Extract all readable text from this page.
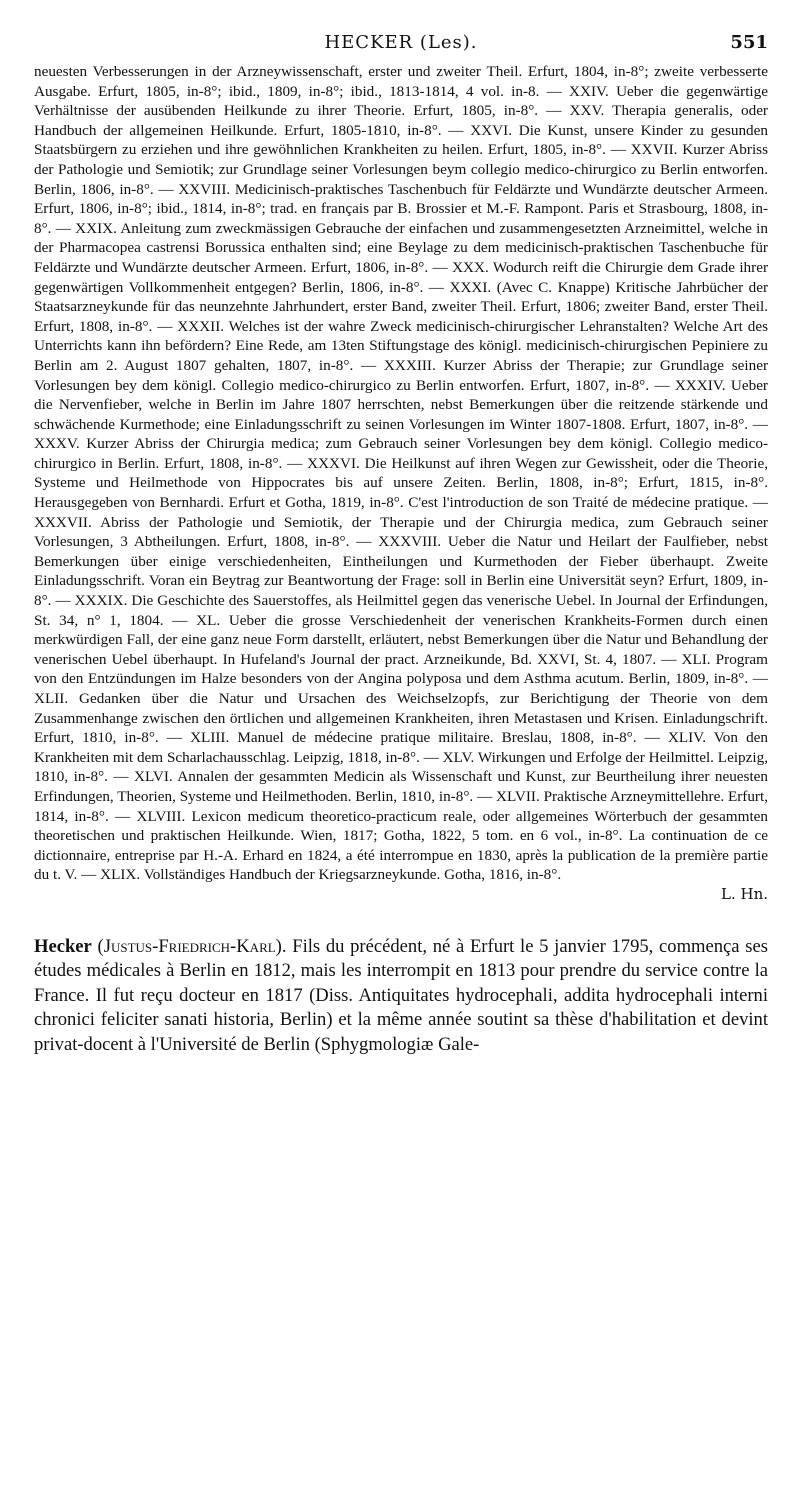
HECKER (Les).	551
neuesten Verbesserungen in der Arzneywissenschaft, erster und zweiter Theil. Erfurt, 1804, in-8°; zweite verbesserte Ausgabe. Erfurt, 1805, in-8°; ibid., 1809, in-8°; ibid., 1813-1814, 4 vol. in-8. — XXIV. Ueber die gegenwärtige Verhältnisse der ausübenden Heilkunde zu ihrer Theorie. Erfurt, 1805, in-8°. — XXV. Therapia generalis, oder Handbuch der allgemeinen Heilkunde. Erfurt, 1805-1810, in-8°. — XXVI. Die Kunst, unsere Kinder zu gesunden Staatsbürgern zu erziehen und ihre gewöhnlichen Krankheiten zu heilen. Erfurt, 1805, in-8°. — XXVII. Kurzer Abriss der Pathologie und Semiotik; zur Grundlage seiner Vorlesungen beym collegio medico-chirurgico zu Berlin entworfen. Berlin, 1806, in-8°. — XXVIII. Medicinisch-praktisches Taschenbuch für Feldärzte und Wundärzte deutscher Armeen. Erfurt, 1806, in-8°; ibid., 1814, in-8°; trad. en français par B. Brossier et M.-F. Rampont. Paris et Strasbourg, 1808, in-8°. — XXIX. Anleitung zum zweckmässigen Gebrauche der einfachen und zusammengesetzten Arzneimittel, welche in der Pharmacopea castrensi Borussica enthalten sind; eine Beylage zu dem medicinisch-praktischen Taschenbuche für Feldärzte und Wundärzte deutscher Armeen. Erfurt, 1806, in-8°. — XXX. Wodurch reift die Chirurgie dem Grade ihrer gegenwärtigen Vollkommenheit entgegen? Berlin, 1806, in-8°. — XXXI. (Avec C. Knappe) Kritische Jahrbücher der Staatsarzneykunde für das neunzehnte Jahrhundert, erster Band, zweiter Theil. Erfurt, 1806; zweiter Band, erster Theil. Erfurt, 1808, in-8°. — XXXII. Welches ist der wahre Zweck medicinisch-chirurgischer Lehranstalten? Welche Art des Unterrichts kann ihn befördern? Eine Rede, am 13ten Stiftungstage des königl. medicinisch-chirurgischen Pepiniere zu Berlin am 2. August 1807 gehalten, 1807, in-8°. — XXXIII. Kurzer Abriss der Therapie; zur Grundlage seiner Vorlesungen bey dem königl. Collegio medico-chirurgico zu Berlin entworfen. Erfurt, 1807, in-8°. — XXXIV. Ueber die Nervenfieber, welche in Berlin im Jahre 1807 herrschten, nebst Bemerkungen über die reitzende stärkende und schwächende Kurmethode; eine Einladungsschrift zu seinen Vorlesungen im Winter 1807-1808. Erfurt, 1807, in-8°. — XXXV. Kurzer Abriss der Chirurgia medica; zum Gebrauch seiner Vorlesungen bey dem königl. Collegio medico-chirurgico in Berlin. Erfurt, 1808, in-8°. — XXXVI. Die Heilkunst auf ihren Wegen zur Gewissheit, oder die Theorie, Systeme und Heilmethode von Hippocrates bis auf unsere Zeiten. Berlin, 1808, in-8°; Erfurt, 1815, in-8°. Herausgegeben von Bernhardi. Erfurt et Gotha, 1819, in-8°. C'est l'introduction de son Traité de médecine pratique. — XXXVII. Abriss der Pathologie und Semiotik, der Therapie und der Chirurgia medica, zum Gebrauch seiner Vorlesungen, 3 Abtheilungen. Erfurt, 1808, in-8°. — XXXVIII. Ueber die Natur und Heilart der Faulfieber, nebst Bemerkungen über einige verschiedenheiten, Eintheilungen und Kurmethoden der Fieber überhaupt. Zweite Einladungsschrift. Voran ein Beytrag zur Beantwortung der Frage: soll in Berlin eine Universität seyn? Erfurt, 1809, in-8°. — XXXIX. Die Geschichte des Sauerstoffes, als Heilmittel gegen das venerische Uebel. In Journal der Erfindungen, St. 34, n° 1, 1804. — XL. Ueber die grosse Verschiedenheit der venerischen Krankheits-Formen durch einen merkwürdigen Fall, der eine ganz neue Form darstellt, erläutert, nebst Bemerkungen über die Natur und Behandlung der venerischen Uebel überhaupt. In Hufeland's Journal der pract. Arzneikunde, Bd. XXVI, St. 4, 1807. — XLI. Program von den Entzündungen im Halze besonders von der Angina polyposa und dem Asthma acutum. Berlin, 1809, in-8°. — XLII. Gedanken über die Natur und Ursachen des Weichselzopfs, zur Berichtigung der Theorie von dem Zusammenhange zwischen den örtlichen und allgemeinen Krankheiten, ihren Metastasen und Krisen. Einladungschrift. Erfurt, 1810, in-8°. — XLIII. Manuel de médecine pratique militaire. Breslau, 1808, in-8°. — XLIV. Von den Krankheiten mit dem Scharlachausschlag. Leipzig, 1818, in-8°. — XLV. Wirkungen und Erfolge der Heilmittel. Leipzig, 1810, in-8°. — XLVI. Annalen der gesammten Medicin als Wissenschaft und Kunst, zur Beurtheilung ihrer neuesten Erfindungen, Theorien, Systeme und Heilmethoden. Berlin, 1810, in-8°. — XLVII. Praktische Arzneymittellehre. Erfurt, 1814, in-8°. — XLVIII. Lexicon medicum theoretico-practicum reale, oder allgemeines Wörterbuch der gesammten theoretischen und praktischen Heilkunde. Wien, 1817; Gotha, 1822, 5 tom. en 6 vol., in-8°. La continuation de ce dictionnaire, entreprise par H.-A. Erhard en 1824, a été interrompue en 1830, après la publication de la première partie du t. V. — XLIX. Vollständiges Handbuch der Kriegsarzneykunde. Gotha, 1816, in-8°.
L. Hn.
Hecker (Justus-Friedrich-Karl). Fils du précédent, né à Erfurt le 5 janvier 1795, commença ses études médicales à Berlin en 1812, mais les interrompit en 1813 pour prendre du service contre la France. Il fut reçu docteur en 1817 (Diss. Antiquitates hydrocephali, addita hydrocephali interni chronici feliciter sanati historia, Berlin) et la même année soutint sa thèse d'habilitation et devint privat-docent à l'Université de Berlin (Sphygmologiæ Gale-
